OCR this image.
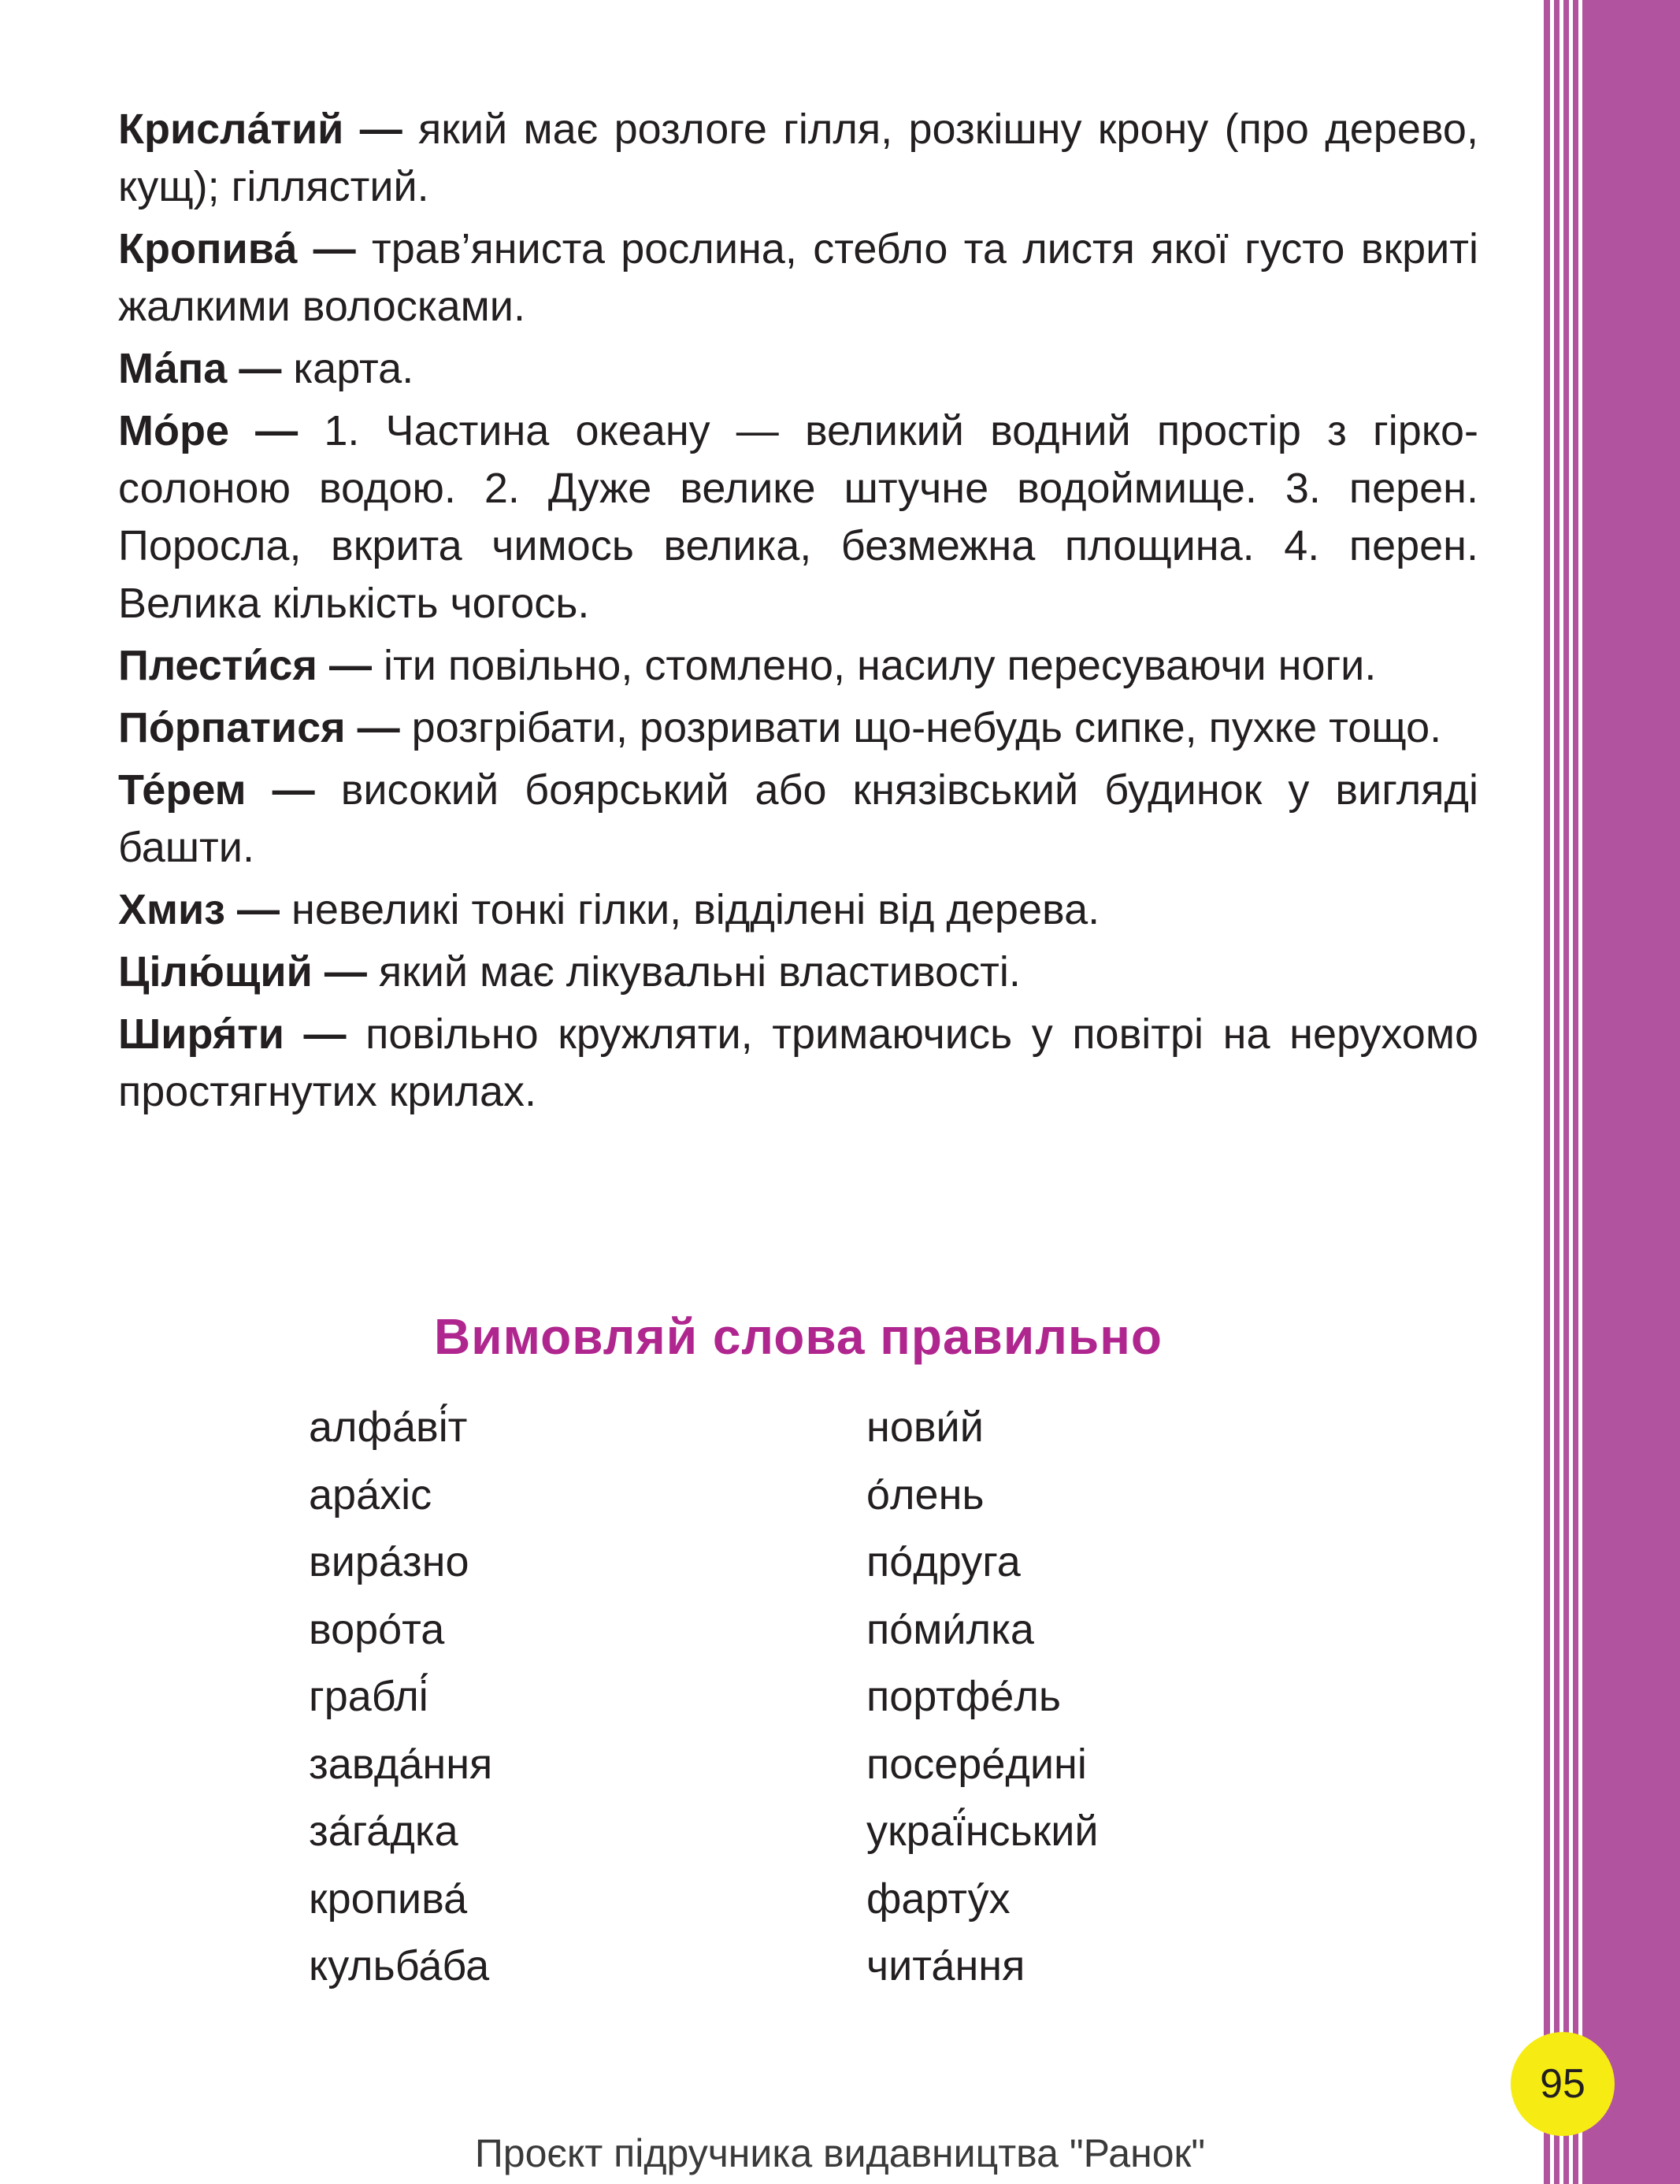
Крисла́тий — який має розлоге гілля, розкішну крону (про дерево, кущ); гіллястий.

Кропива́ — трав’яниста рослина, стебло та листя якої густо вкриті жалкими волосками.

Ма́па — карта.

Мо́ре — 1. Частина океану — великий водний простір з гірко-солоною водою. 2. Дуже велике штучне водоймище. 3. перен. Поросла, вкрита чимось велика, безмежна площина. 4. перен. Велика кількість чогось.

Плести́ся — іти повільно, стомлено, насилу пересуваючи ноги.

По́рпатися — розгрібати, розривати що-небудь сипке, пухке тощо.

Те́рем — високий боярський або князівський будинок у вигляді башти.

Хмиз — невеликі тонкі гілки, відділені від дерева.

Цілю́щий — який має лікувальні властивості.

Ширя́ти — повільно кружляти, тримаючись у повітрі на нерухомо простягнутих крилах.

Вимовляй слова правильно
алфа́ві́т
ара́хіс
вира́зно
воро́та
граблі́
завда́ння
за́га́дка
кропива́
кульба́ба
нови́й
о́лень
по́друга
по́ми́лка
портфе́ль
посере́дині
украї́нський
фарту́х
чита́ння
95
Проєкт підручника видавництва "Ранок"
